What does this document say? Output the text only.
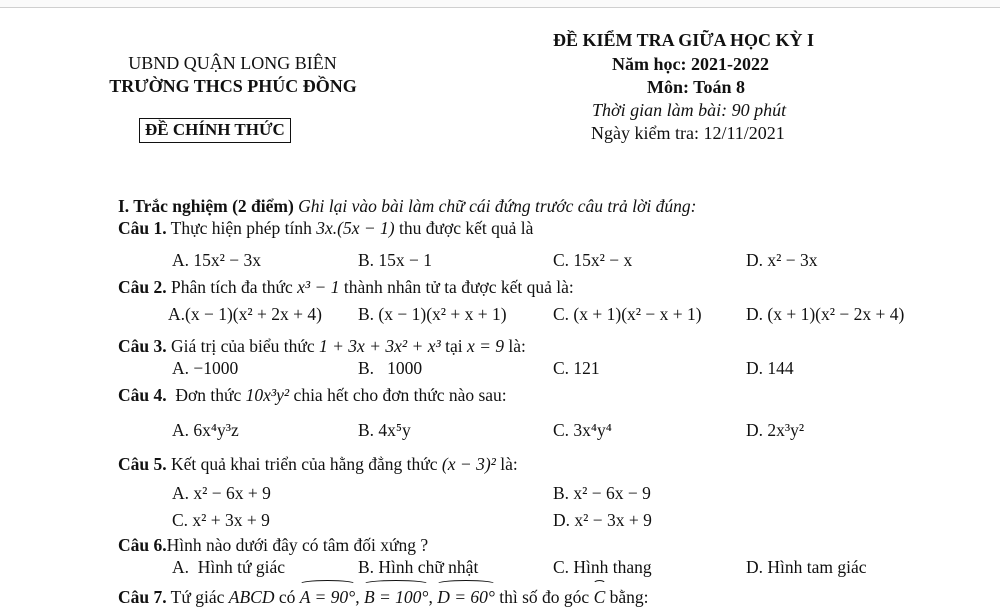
UBND QUẬN LONG BIÊN
TRƯỜNG THCS PHÚC ĐỒNG
ĐỀ CHÍNH THỨC
ĐỀ KIỂM TRA GIỮA HỌC KỲ I
Năm học: 2021-2022
Môn: Toán 8
Thời gian làm bài: 90 phút
Ngày kiểm tra: 12/11/2021
I. Trắc nghiệm (2 điểm) Ghi lại vào bài làm chữ cái đứng trước câu trả lời đúng:
Câu 1. Thực hiện phép tính 3x.(5x − 1) thu được kết quả là
A. 15x² − 3x	B. 15x − 1	C. 15x² − x	D. x² − 3x
Câu 2. Phân tích đa thức x³ − 1 thành nhân tử ta được kết quả là:
A.(x − 1)(x² + 2x + 4) B. (x − 1)(x² + x + 1)	C. (x + 1)(x² − x + 1)	D. (x + 1)(x² − 2x + 4)
Câu 3. Giá trị của biểu thức 1 + 3x + 3x² + x³ tại x = 9 là:
A. −1000	B.   1000	C. 121	D. 144
Câu 4.  Đơn thức 10x³y² chia hết cho đơn thức nào sau:
A. 6x⁴y³z	B. 4x⁵y	C. 3x⁴y⁴	D. 2x³y²
Câu 5. Kết quả khai triển của hằng đẳng thức (x − 3)² là:
A. x² − 6x + 9	B. x² − 6x − 9
C. x² + 3x + 9	D. x² − 3x + 9
Câu 6.Hình nào dưới đây có tâm đối xứng ?
A.  Hình tứ giác	B. Hình chữ nhật	C. Hình thang	D. Hình tam giác
Câu 7. Tứ giác ABCD có A = 90°, B = 100°, D = 60° thì số đo góc C bằng:
